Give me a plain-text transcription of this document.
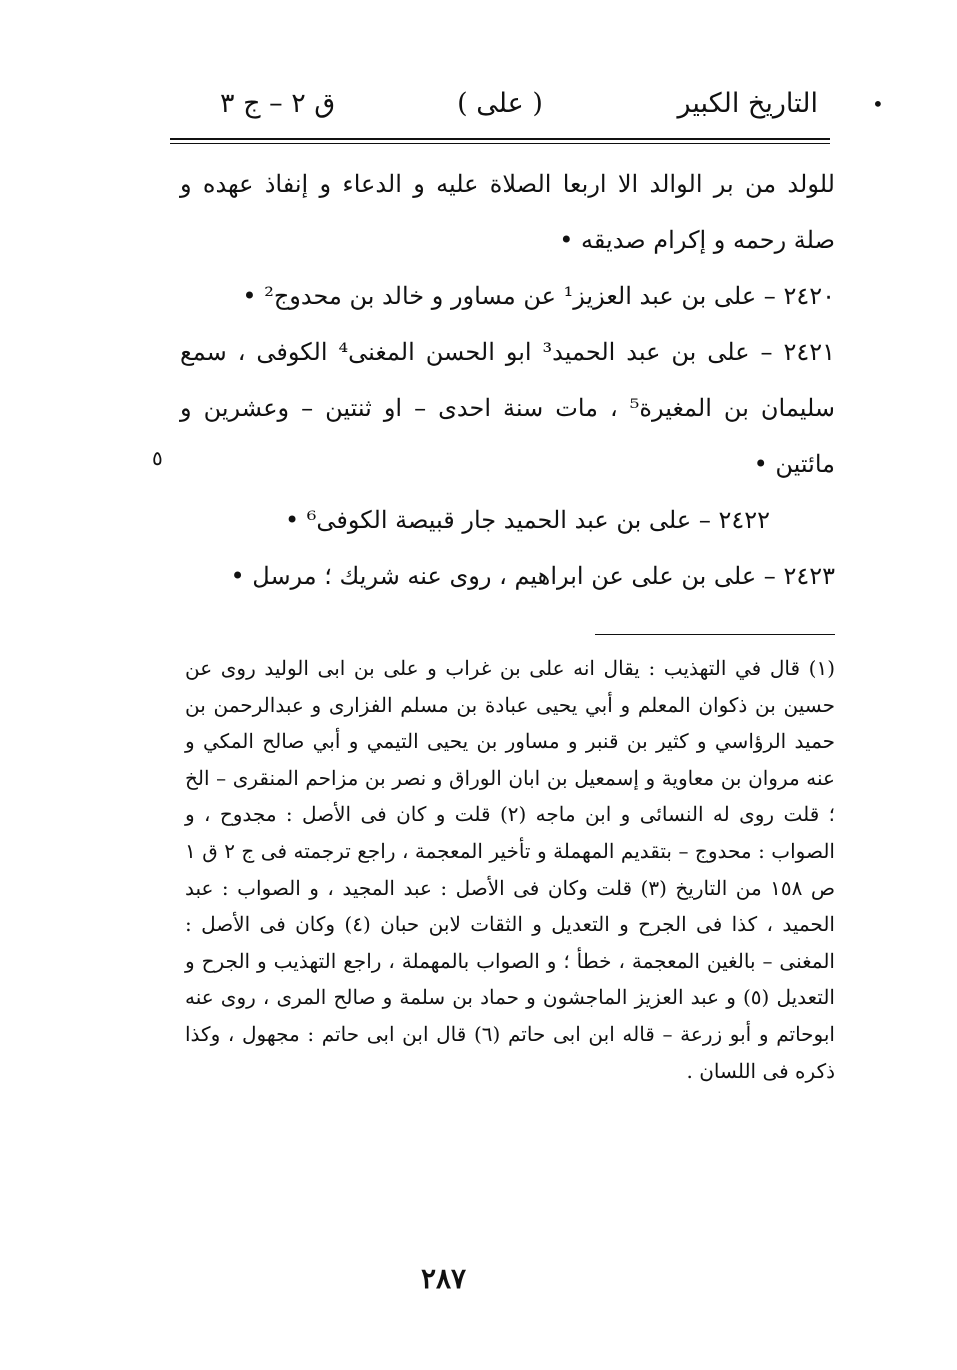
•
التاريخ الكبير
( على )
ق ٢ – ج ٣

للولد من بر الوالد الا اربعا الصلاة عليه و الدعاء و إنفاذ عهده و صلة رحمه و إكرام صديقه •

٢٤٢٠ – على بن عبد العزيز¹ عن مساور و خالد بن محدوج² •

٢٤٢١ – على بن عبد الحميد³ ابو الحسن المغنى⁴ الكوفى ، سمع سليمان بن المغيرة⁵ ، مات سنة احدى – او ثنتين – وعشرين و مائتين •

٢٤٢٢ – على بن عبد الحميد جار قبيصة الكوفى⁶ •

٢٤٢٣ – على بن على عن ابراهيم ، روى عنه شريك ؛ مرسل •

٥

(١) قال في التهذيب : يقال انه على بن غراب و على بن ابى الوليد روى عن حسين بن ذكوان المعلم و أبي يحيى عبادة بن مسلم الفزارى و عبدالرحمن بن حميد الرؤاسي و كثير بن قنبر و مساور بن يحيى التيمي و أبي صالح المكي و عنه مروان بن معاوية و إسمعيل بن ابان الوراق و نصر بن مزاحم المنقرى – الخ ؛ قلت روى له النسائى و ابن ماجه (٢) قلت و كان فى الأصل : مجدوح ، و الصواب : محدوج – بتقديم المهملة و تأخير المعجمة ، راجع ترجمته فى ج ٢ ق ١ ص ١٥٨ من التاريخ (٣) قلت وكان فى الأصل : عبد المجيد ، و الصواب : عبد الحميد ، كذا فى الجرح و التعديل و الثقات لابن حبان (٤) وكان فى الأصل : المغنى – بالغين المعجمة ، خطأ ؛ و الصواب بالمهملة ، راجع التهذيب و الجرح و التعديل (٥) و عبد العزيز الماجشون و حماد بن سلمة و صالح المرى ، روى عنه ابوحاتم و أبو زرعة – قاله ابن ابى حاتم (٦) قال ابن ابى حاتم : مجهول ، وكذا ذكره فى اللسان .

٢٨٧
